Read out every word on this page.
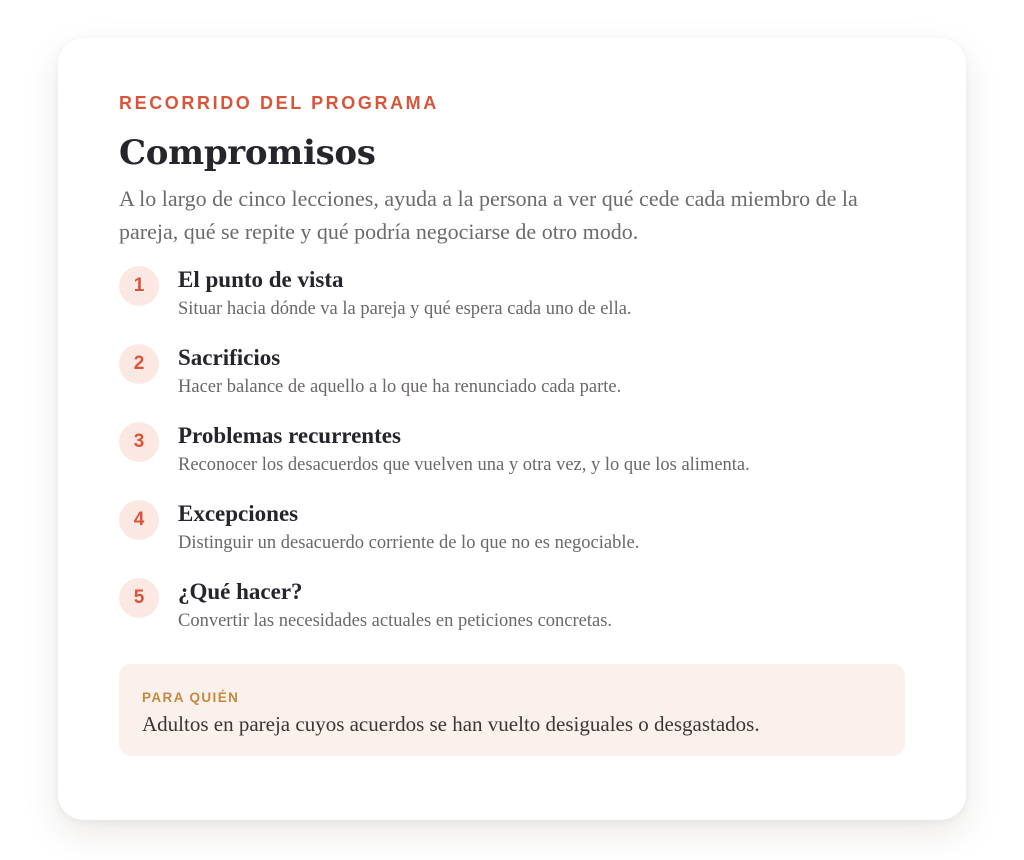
RECORRIDO DEL PROGRAMA

Compromisos

A lo largo de cinco lecciones, ayuda a la persona a ver qué cede cada miembro de la pareja, qué se repite y qué podría negociarse de otro modo.

1	El punto de vista

Situar hacia dónde va la pareja y qué espera cada uno de ella.

2	Sacrificios

Hacer balance de aquello a lo que ha renunciado cada parte.

3	Problemas recurrentes

Reconocer los desacuerdos que vuelven una y otra vez, y lo que los alimenta.

4	Excepciones

Distinguir un desacuerdo corriente de lo que no es negociable.

5	¿Qué hacer?

Convertir las necesidades actuales en peticiones concretas.

PARA QUIÉN

Adultos en pareja cuyos acuerdos se han vuelto desiguales o desgastados.
